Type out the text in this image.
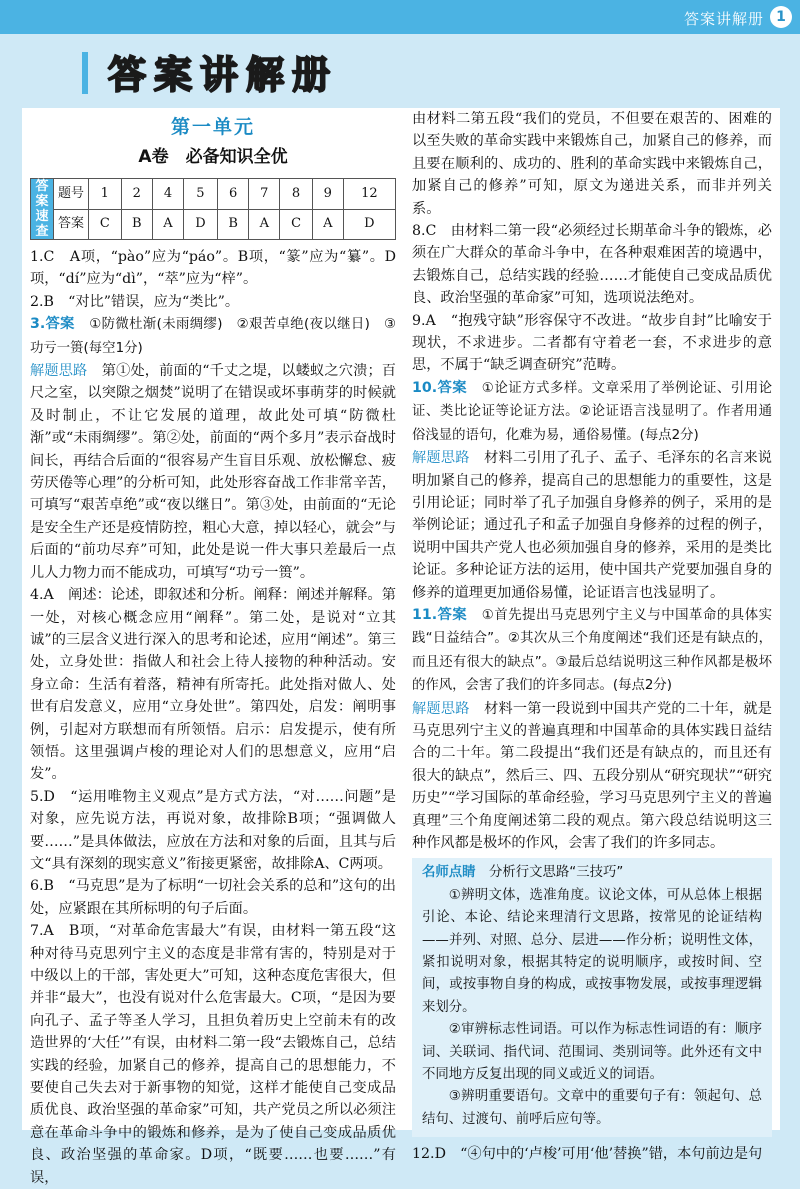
答案讲解册 1
答案讲解册
第一单元
A卷　必备知识全优
答案速查	题号	1	2	4	5	6	7	8	9	12
	答案	C	B	A	D	B	A	C	A	D

1.C　A项，“pào”应为“páo”。B项，“篆”应为“纂”。D项，“dí”应为“dì”，“萃”应为“梓”。

2.B　“对比”错误，应为“类比”。

3.答案　 ①防微杜渐(未雨绸缪)　②艰苦卓绝(夜以继日)　③功亏一篑(每空1分)

解题思路　 第①处，前面的“千丈之堤，以蝼蚁之穴溃；百尺之室，以突隙之烟焚”说明了在错误或坏事萌芽的时候就及时制止，不让它发展的道理，故此处可填“防微杜渐”或“未雨绸缪”。第②处，前面的“两个多月”表示奋战时间长，再结合后面的“很容易产生盲目乐观、放松懈怠、疲劳厌倦等心理”的分析可知，此处形容奋战工作非常辛苦，可填写“艰苦卓绝”或“夜以继日”。第③处，由前面的“无论是安全生产还是疫情防控，粗心大意，掉以轻心，就会”与后面的“前功尽弃”可知，此处是说一件大事只差最后一点儿人力物力而不能成功，可填写“功亏一篑”。

4.A　阐述：论述，即叙述和分析。阐释：阐述并解释。第一处，对核心概念应用“阐释”。第二处，是说对“立其诚”的三层含义进行深入的思考和论述，应用“阐述”。第三处，立身处世：指做人和社会上待人接物的种种活动。安身立命：生活有着落，精神有所寄托。此处指对做人、处世有启发意义，应用“立身处世”。第四处，启发：阐明事例，引起对方联想而有所领悟。启示：启发提示，使有所领悟。这里强调卢梭的理论对人们的思想意义，应用“启发”。

5.D　“运用唯物主义观点”是方式方法，“对……问题”是对象，应先说方法，再说对象，故排除B项；“强调做人要……”是具体做法，应放在方法和对象的后面，且其与后文“具有深刻的现实意义”衔接更紧密，故排除A、C两项。

6.B　“马克思”是为了标明“一切社会关系的总和”这句的出处，应紧跟在其所标明的句子后面。

7.A　B项，“对革命危害最大”有误，由材料一第五段“这种对待马克思列宁主义的态度是非常有害的，特别是对于中级以上的干部，害处更大”可知，这种态度危害很大，但并非“最大”，也没有说对什么危害最大。C项，“是因为要向孔子、孟子等圣人学习，且担负着历史上空前未有的改造世界的‘大任’”有误，由材料二第一段“去锻炼自己，总结实践的经验，加紧自己的修养，提高自己的思想能力，不要使自己失去对于新事物的知觉，这样才能使自己变成品质优良、政治坚强的革命家”可知，共产党员之所以必须注意在革命斗争中的锻炼和修养，是为了使自己变成品质优良、政治坚强的革命家。D项，“既要……也要……”有误，

由材料二第五段“我们的党员，不但要在艰苦的、困难的以至失败的革命实践中来锻炼自己，加紧自己的修养，而且要在顺利的、成功的、胜利的革命实践中来锻炼自己，加紧自己的修养”可知，原文为递进关系，而非并列关系。

8.C　由材料二第一段“必须经过长期革命斗争的锻炼，必须在广大群众的革命斗争中，在各种艰难困苦的境遇中，去锻炼自己，总结实践的经验……才能使自己变成品质优良、政治坚强的革命家”可知，选项说法绝对。

9.A　“抱残守缺”形容保守不改进。“故步自封”比喻安于现状，不求进步。二者都有守着老一套，不求进步的意思，不属于“缺乏调查研究”范畴。

10.答案　 ①论证方式多样。文章采用了举例论证、引用论证、类比论证等论证方法。②论证语言浅显明了。作者用通俗浅显的语句，化难为易，通俗易懂。(每点2分)

解题思路　 材料二引用了孔子、孟子、毛泽东的名言来说明加紧自己的修养，提高自己的思想能力的重要性，这是引用论证；同时举了孔子加强自身修养的例子，采用的是举例论证；通过孔子和孟子加强自身修养的过程的例子，说明中国共产党人也必须加强自身的修养，采用的是类比论证。多种论证方法的运用，使中国共产党要加强自身的修养的道理更加通俗易懂，论证语言也浅显明了。

11.答案　 ①首先提出马克思列宁主义与中国革命的具体实践“日益结合”。②其次从三个角度阐述“我们还是有缺点的，而且还有很大的缺点”。③最后总结说明这三种作风都是极坏的作风，会害了我们的许多同志。(每点2分)

解题思路　 材料一第一段说到中国共产党的二十年，就是马克思列宁主义的普遍真理和中国革命的具体实践日益结合的二十年。第二段提出“我们还是有缺点的，而且还有很大的缺点”，然后三、四、五段分别从“研究现状”“研究历史”“学习国际的革命经验，学习马克思列宁主义的普遍真理”三个角度阐述第二段的观点。第六段总结说明这三种作风都是极坏的作风，会害了我们的许多同志。

名师点睛　 分析行文思路“三技巧”

①辨明文体，选准角度。议论文体，可从总体上根据引论、本论、结论来理清行文思路，按常见的论证结构——并列、对照、总分、层进——作分析；说明性文体，紧扣说明对象，根据其特定的说明顺序，或按时间、空间，或按事物自身的构成，或按事物发展，或按事理逻辑来划分。

②审辨标志性词语。可以作为标志性词语的有：顺序词、关联词、指代词、范围词、类别词等。此外还有文中不同地方反复出现的同义或近义的词语。

③辨明重要语句。文章中的重要句子有：领起句、总结句、过渡句、前呼后应句等。

12.D　“④句中的‘卢梭’可用‘他’替换”错，本句前边是句
